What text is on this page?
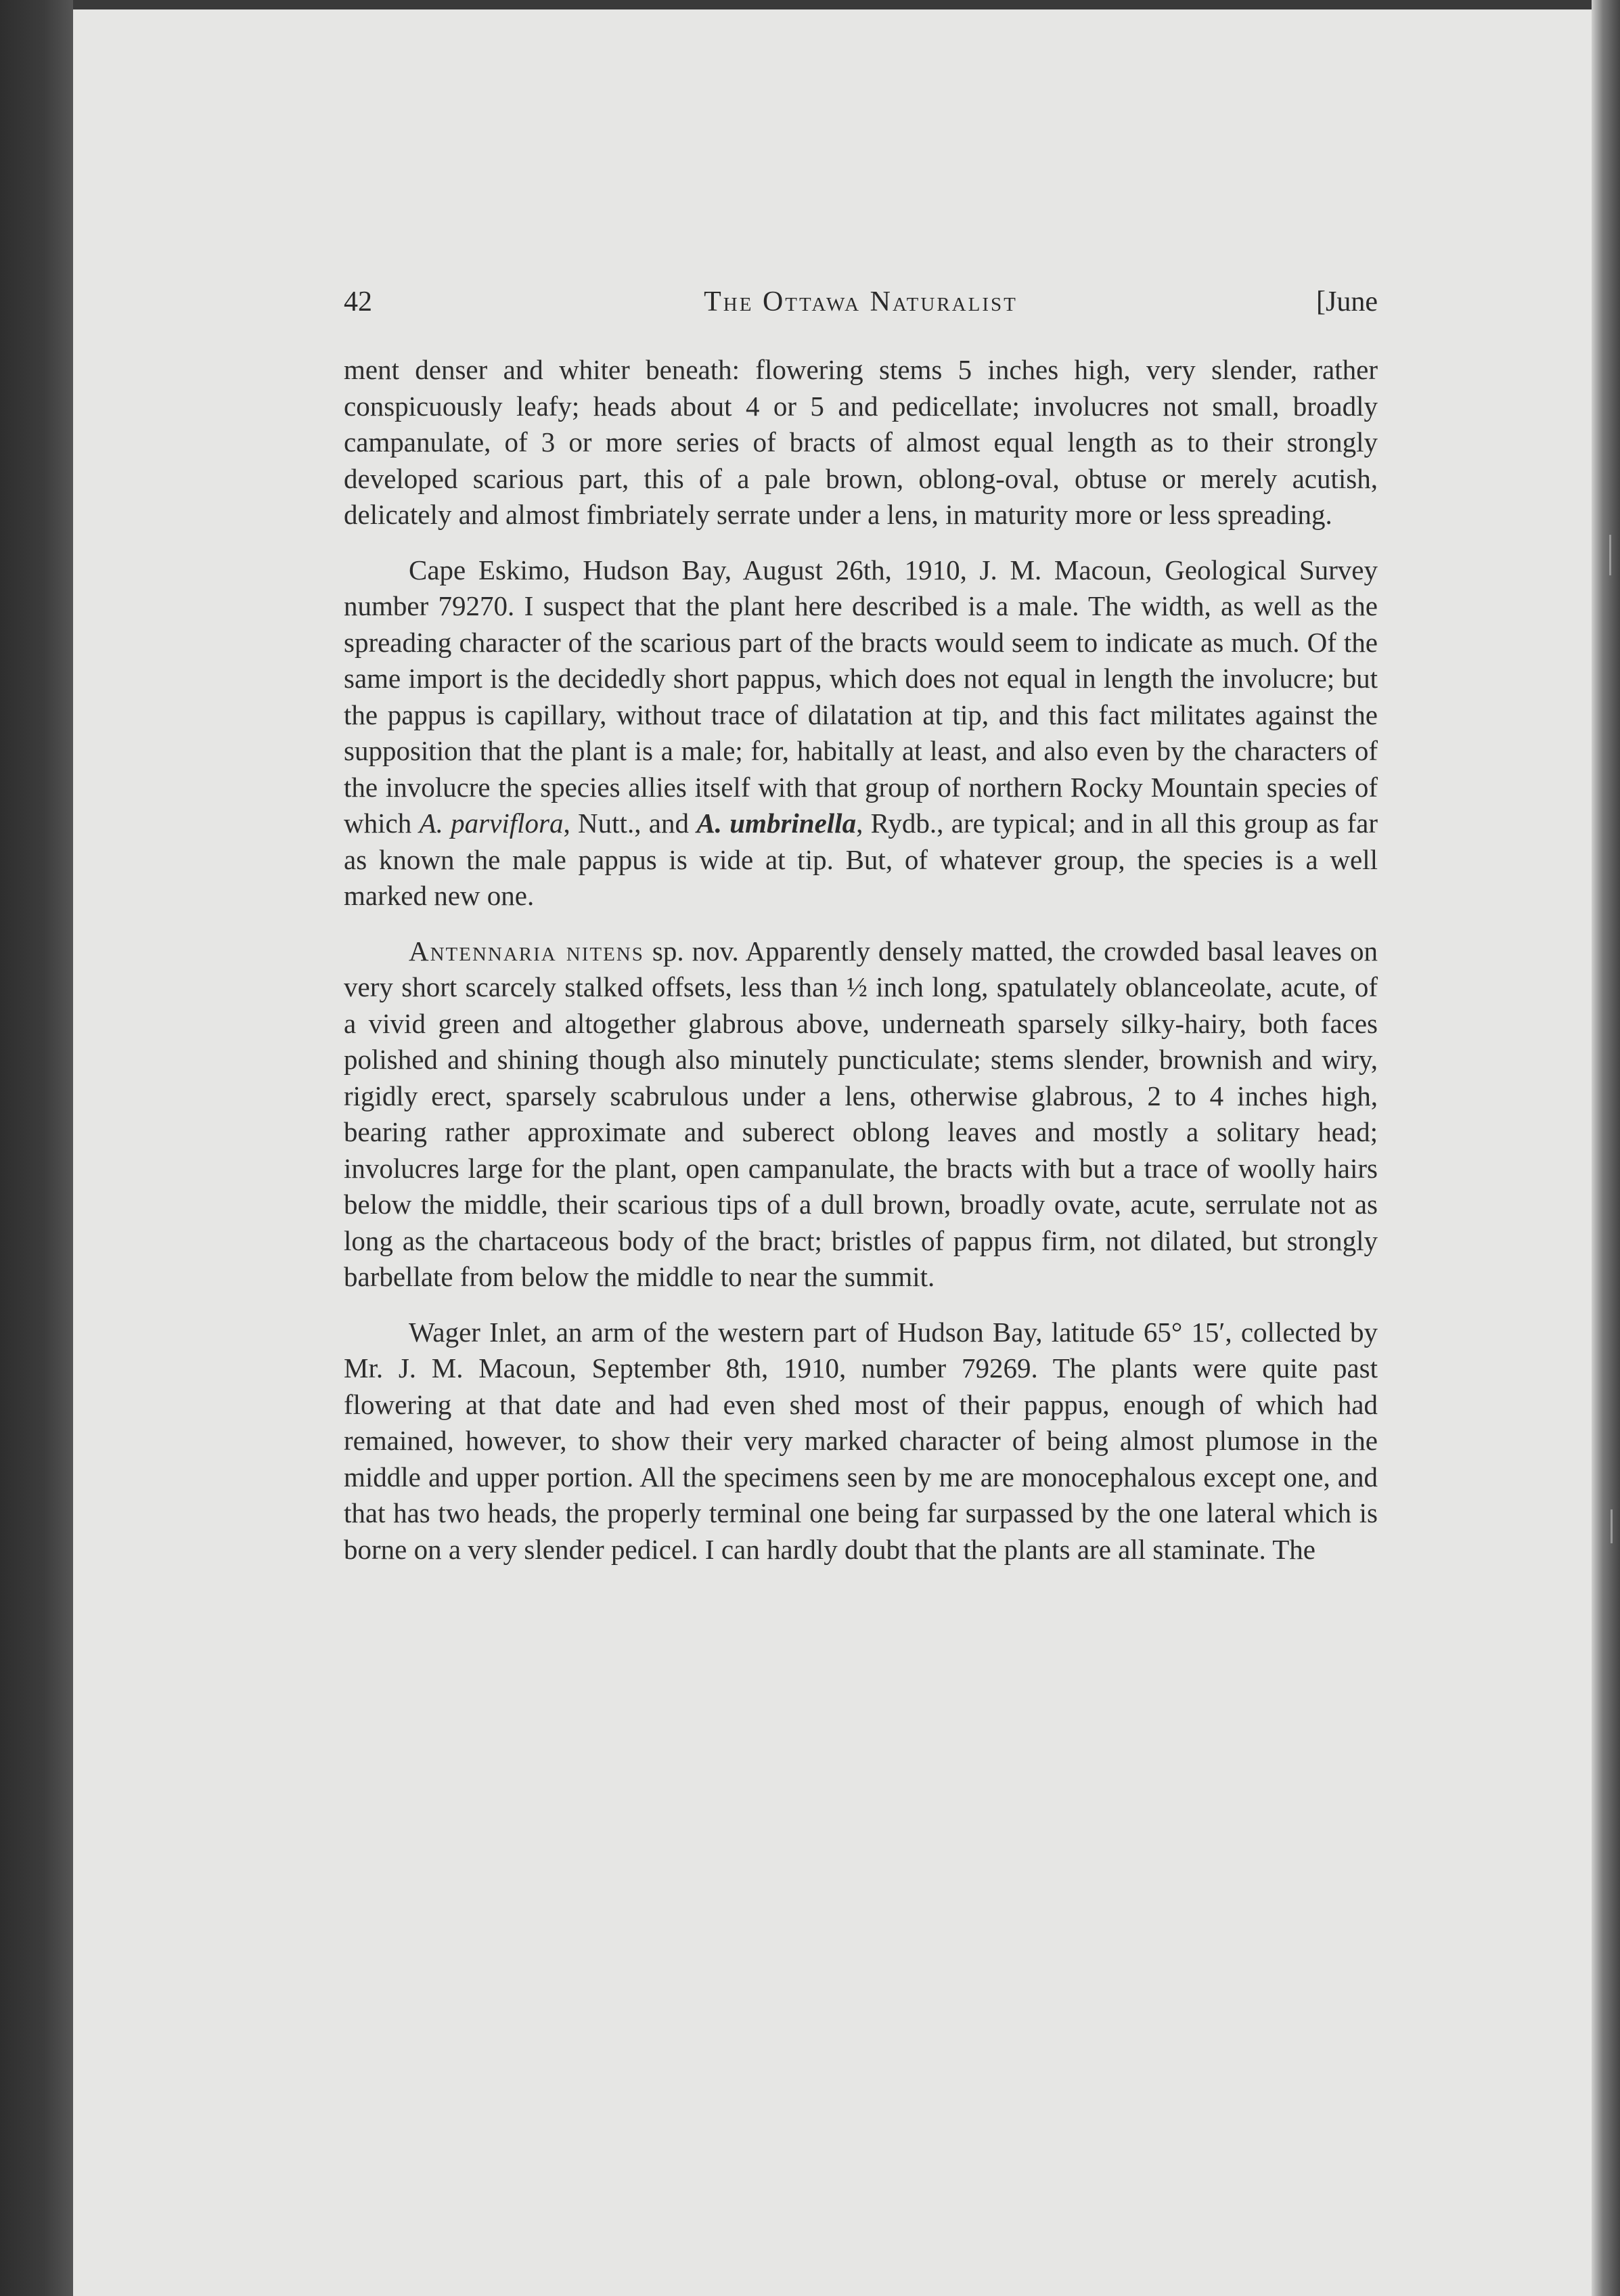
42	The Ottawa Naturalist	[June

ment denser and whiter beneath: flowering stems 5 inches high, very slender, rather conspicuously leafy; heads about 4 or 5 and pedicellate; involucres not small, broadly campanulate, of 3 or more series of bracts of almost equal length as to their strongly developed scarious part, this of a pale brown, oblong-oval, obtuse or merely acutish, delicately and almost fimbriately serrate under a lens, in maturity more or less spreading.

Cape Eskimo, Hudson Bay, August 26th, 1910, J. M. Macoun, Geological Survey number 79270. I suspect that the plant here described is a male. The width, as well as the spreading character of the scarious part of the bracts would seem to indicate as much. Of the same import is the decidedly short pappus, which does not equal in length the involucre; but the pappus is capillary, without trace of dilatation at tip, and this fact militates against the supposition that the plant is a male; for, habitally at least, and also even by the characters of the involucre the species allies itself with that group of northern Rocky Mountain species of which A. parviflora, Nutt., and A. umbrinella, Rydb., are typical; and in all this group as far as known the male pappus is wide at tip. But, of whatever group, the species is a well marked new one.

Antennaria nitens sp. nov. Apparently densely matted, the crowded basal leaves on very short scarcely stalked offsets, less than ½ inch long, spatulately oblanceolate, acute, of a vivid green and altogether glabrous above, underneath sparsely silky-hairy, both faces polished and shining though also minutely puncticulate; stems slender, brownish and wiry, rigidly erect, sparsely scabrulous under a lens, otherwise glabrous, 2 to 4 inches high, bearing rather approximate and suberect oblong leaves and mostly a solitary head; involucres large for the plant, open campanulate, the bracts with but a trace of woolly hairs below the middle, their scarious tips of a dull brown, broadly ovate, acute, serrulate not as long as the chartaceous body of the bract; bristles of pappus firm, not dilated, but strongly barbellate from below the middle to near the summit.

Wager Inlet, an arm of the western part of Hudson Bay, latitude 65° 15′, collected by Mr. J. M. Macoun, September 8th, 1910, number 79269. The plants were quite past flowering at that date and had even shed most of their pappus, enough of which had remained, however, to show their very marked character of being almost plumose in the middle and upper portion. All the specimens seen by me are monocephalous except one, and that has two heads, the properly terminal one being far surpassed by the one lateral which is borne on a very slender pedicel. I can hardly doubt that the plants are all staminate. The
